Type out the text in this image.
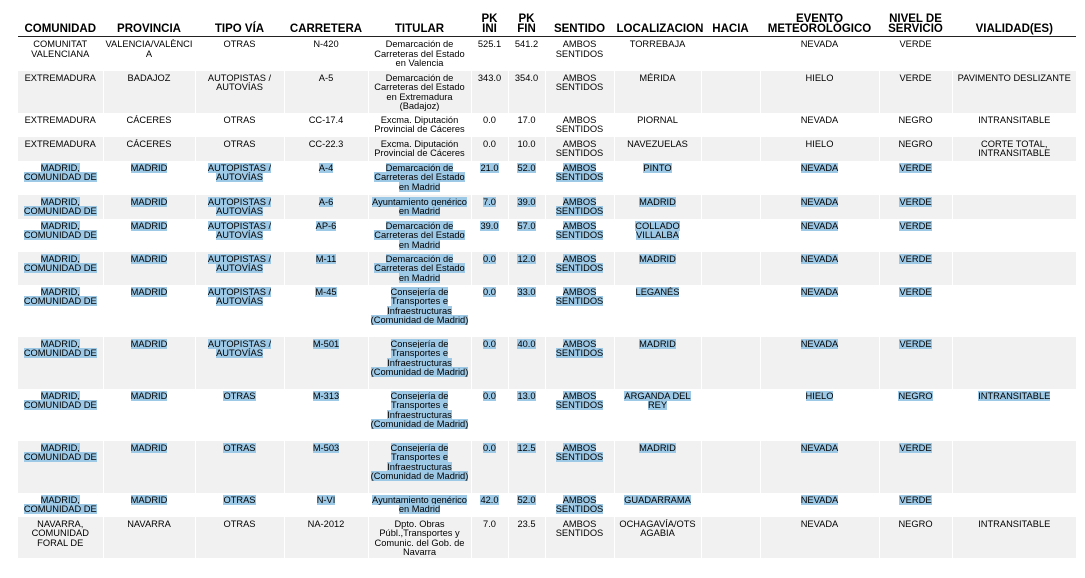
COMUNIDAD	PROVINCIA	TIPO VÍA	CARRETERA	TITULAR	PK INI	PK FIN	SENTIDO	LOCALIZACION	HACIA	EVENTO METEOROLÓGICO	NIVEL DE SERVICIO	VIALIDAD(ES)
COMUNITAT VALENCIANA	VALENCIA/VALÈNCIA	OTRAS	N-420	Demarcación de Carreteras del Estado en Valencia	525.1	541.2	AMBOS SENTIDOS	TORREBAJA		NEVADA	VERDE	
EXTREMADURA	BADAJOZ	AUTOPISTAS / AUTOVÍAS	A-5	Demarcación de Carreteras del Estado en Extremadura (Badajoz)	343.0	354.0	AMBOS SENTIDOS	MÉRIDA		HIELO	VERDE	PAVIMENTO DESLIZANTE
EXTREMADURA	CÁCERES	OTRAS	CC-17.4	Excma. Diputación Provincial de Cáceres	0.0	17.0	AMBOS SENTIDOS	PIORNAL		NEVADA	NEGRO	INTRANSITABLE
EXTREMADURA	CÁCERES	OTRAS	CC-22.3	Excma. Diputación Provincial de Cáceres	0.0	10.0	AMBOS SENTIDOS	NAVEZUELAS		HIELO	NEGRO	CORTE TOTAL, INTRANSITABLE
MADRID, COMUNIDAD DE	MADRID	AUTOPISTAS / AUTOVÍAS	A-4	Demarcación de Carreteras del Estado en Madrid	21.0	52.0	AMBOS SENTIDOS	PINTO		NEVADA	VERDE	
MADRID, COMUNIDAD DE	MADRID	AUTOPISTAS / AUTOVÍAS	A-6	Ayuntamiento genérico en Madrid	7.0	39.0	AMBOS SENTIDOS	MADRID		NEVADA	VERDE	
MADRID, COMUNIDAD DE	MADRID	AUTOPISTAS / AUTOVÍAS	AP-6	Demarcación de Carreteras del Estado en Madrid	39.0	57.0	AMBOS SENTIDOS	COLLADO VILLALBA		NEVADA	VERDE	
MADRID, COMUNIDAD DE	MADRID	AUTOPISTAS / AUTOVÍAS	M-11	Demarcación de Carreteras del Estado en Madrid	0.0	12.0	AMBOS SENTIDOS	MADRID		NEVADA	VERDE	
MADRID, COMUNIDAD DE	MADRID	AUTOPISTAS / AUTOVÍAS	M-45	Consejería de Transportes e Infraestructuras (Comunidad de Madrid)	0.0	33.0	AMBOS SENTIDOS	LEGANÉS		NEVADA	VERDE	
MADRID, COMUNIDAD DE	MADRID	AUTOPISTAS / AUTOVÍAS	M-501	Consejería de Transportes e Infraestructuras (Comunidad de Madrid)	0.0	40.0	AMBOS SENTIDOS	MADRID		NEVADA	VERDE	
MADRID, COMUNIDAD DE	MADRID	OTRAS	M-313	Consejería de Transportes e Infraestructuras (Comunidad de Madrid)	0.0	13.0	AMBOS SENTIDOS	ARGANDA DEL REY		HIELO	NEGRO	INTRANSITABLE
MADRID, COMUNIDAD DE	MADRID	OTRAS	M-503	Consejería de Transportes e Infraestructuras (Comunidad de Madrid)	0.0	12.5	AMBOS SENTIDOS	MADRID		NEVADA	VERDE	
MADRID, COMUNIDAD DE	MADRID	OTRAS	N-VI	Ayuntamiento genérico en Madrid	42.0	52.0	AMBOS SENTIDOS	GUADARRAMA		NEVADA	VERDE	
NAVARRA, COMUNIDAD FORAL DE	NAVARRA	OTRAS	NA-2012	Dpto. Obras Públ.,Transportes y Comunic. del Gob. de Navarra	7.0	23.5	AMBOS SENTIDOS	OCHAGAVÍA/OTSAGABIA		NEVADA	NEGRO	INTRANSITABLE
